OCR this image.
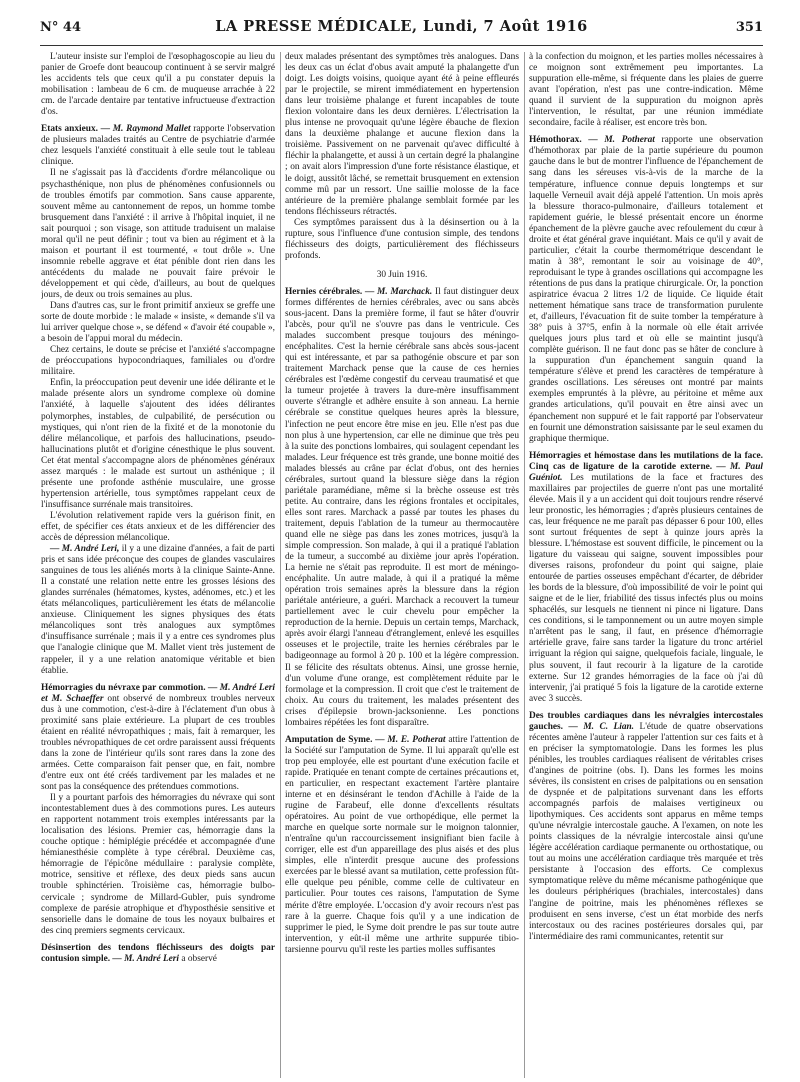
N° 44	LA PRESSE MÉDICALE, Lundi, 7 Août 1916	351

L'auteur insiste sur l'emploi de l'œsophagoscopie au lieu du panier de Groefe dont beaucoup continuent à se servir malgré les accidents tels que ceux qu'il a pu constater depuis la mobilisation : lambeau de 6 cm. de muqueuse arrachée à 22 cm. de l'arcade dentaire par tentative infructueuse d'extraction d'os.

Etats anxieux. — M. Raymond Mallet rapporte l'observation de plusieurs malades traités au Centre de psychiatrie d'armée chez lesquels l'anxiété constituait à elle seule tout le tableau clinique.

Il ne s'agissait pas là d'accidents d'ordre mélancolique ou psychasthénique, non plus de phénomènes confusionnels ou de troubles émotifs par commotion. Sans cause apparente, souvent même au cantonnement de repos, un homme tombe brusquement dans l'anxiété : il arrive à l'hôpital inquiet, il ne sait pourquoi ; son visage, son attitude traduisent un malaise moral qu'il ne peut définir ; tout va bien au régiment et à la maison et pourtant il est tourmenté, « tout drôle ». Une insomnie rebelle aggrave et état pénible dont rien dans les antécédents du malade ne pouvait faire prévoir le développement et qui cède, d'ailleurs, au bout de quelques jours, de deux ou trois semaines au plus.

Dans d'autres cas, sur le front primitif anxieux se greffe une sorte de doute morbide : le malade « insiste, « demande s'il va lui arriver quelque chose », se défend « d'avoir été coupable », a besoin de l'appui moral du médecin.

Chez certains, le doute se précise et l'anxiété s'accompagne de préoccupations hypocondriaques, familiales ou d'ordre militaire.

Enfin, la préoccupation peut devenir une idée délirante et le malade présente alors un syndrome complexe où domine l'anxiété, à laquelle s'ajoutent des idées délirantes polymorphes, instables, de culpabilité, de persécution ou mystiques, qui n'ont rien de la fixité et de la monotonie du délire mélancolique, et parfois des hallucinations, pseudo-hallucinations plutôt et d'origine cénesthique le plus souvent. Cet état mental s'accompagne alors de phénomènes généraux assez marqués : le malade est surtout un asthénique ; il présente une profonde asthénie musculaire, une grosse hypertension artérielle, tous symptômes rappelant ceux de l'insuffisance surrénale mais transitoires.

L'évolution relativement rapide vers la guérison finit, en effet, de spécifier ces états anxieux et de les différencier des accès de dépression mélancolique.

— M. André Leri, il y a une dizaine d'années, a fait de parti pris et sans idée préconçue des coupes de glandes vasculaires sanguines de tous les aliénés morts à la clinique Sainte-Anne. Il a constaté une relation nette entre les grosses lésions des glandes surrénales (hématomes, kystes, adénomes, etc.) et les états mélancoliques, particulièrement les états de mélancolie anxieuse. Cliniquement les signes physiques des états mélancoliques sont très analogues aux symptômes d'insuffisance surrénale ; mais il y a entre ces syndromes plus que l'analogie clinique que M. Mallet vient très justement de rappeler, il y a une relation anatomique véritable et bien établie.

Hémorragies du névraxe par commotion. — M. André Leri et M. Schaeffer ont observé de nombreux troubles nerveux dus à une commotion, c'est-à-dire à l'éclatement d'un obus à proximité sans plaie extérieure. La plupart de ces troubles étaient en réalité névropathiques ; mais, fait à remarquer, les troubles névropathiques de cet ordre paraissent aussi fréquents dans la zone de l'intérieur qu'ils sont rares dans la zone des armées. Cette comparaison fait penser que, en fait, nombre d'entre eux ont été créés tardivement par les malades et ne sont pas la conséquence des prétendues commotions.

Il y a pourtant parfois des hémorragies du névraxe qui sont incontestablement dues à des commotions pures. Les auteurs en rapportent notamment trois exemples intéressants par la localisation des lésions. Premier cas, hémorragie dans la couche optique : hémiplégie précédée et accompagnée d'une hémianesthésie complète à type cérébral. Deuxième cas, hémorragie de l'épicône médullaire : paralysie complète, motrice, sensitive et réflexe, des deux pieds sans aucun trouble sphinctérien. Troisième cas, hémorragie bulbo-cervicale ; syndrome de Millard-Gubler, puis syndrome complexe de parésie atrophique et d'hyposthésie sensitive et sensorielle dans le domaine de tous les noyaux bulbaires et des cinq premiers segments cervicaux.

Désinsertion des tendons fléchisseurs des doigts par contusion simple. — M. André Leri a observé

deux malades présentant des symptômes très analogues. Dans les deux cas un éclat d'obus avait amputé la phalangette d'un doigt. Les doigts voisins, quoique ayant été à peine effleurés par le projectile, se mirent immédiatement en hypertension dans leur troisième phalange et furent incapables de toute flexion volontaire dans les deux dernières. L'électrisation la plus intense ne provoquait qu'une légère ébauche de flexion dans la deuxième phalange et aucune flexion dans la troisième. Passivement on ne parvenait qu'avec difficulté à fléchir la phalangette, et aussi à un certain degré la phalangine ; on avait alors l'impression d'une forte résistance élastique, et le doigt, aussitôt lâché, se remettait brusquement en extension comme mû par un ressort. Une saillie molosse de la face antérieure de la première phalange semblait formée par les tendons fléchisseurs rétractés.

Ces symptômes paraissent dus à la désinsertion ou à la rupture, sous l'influence d'une contusion simple, des tendons fléchisseurs des doigts, particulièrement des fléchisseurs profonds.

30 Juin 1916.

Hernies cérébrales. — M. Marchack. Il faut distinguer deux formes différentes de hernies cérébrales, avec ou sans abcès sous-jacent. Dans la première forme, il faut se hâter d'ouvrir l'abcès, pour qu'il ne s'ouvre pas dans le ventricule. Ces malades succombent presque toujours des méningo-encéphalites. C'est la hernie cérébrale sans abcès sous-jacent qui est intéressante, et par sa pathogénie obscure et par son traitement Marchack pense que la cause de ces hernies cérébrales est l'œdème congestif du cerveau traumatisé et que la tumeur projetée à travers la dure-mère insuffisamment ouverte s'étrangle et adhère ensuite à son anneau. La hernie cérébrale se constitue quelques heures après la blessure, l'infection ne peut encore être mise en jeu. Elle n'est pas due non plus à une hypertension, car elle ne diminue que très peu à la suite des ponctions lombaires, qui soulagent cependant les malades. Leur fréquence est très grande, une bonne moitié des malades blessés au crâne par éclat d'obus, ont des hernies cérébrales, surtout quand la blessure siège dans la région pariétale paramédiane, même si la brèche osseuse est très petite. Au contraire, dans les régions frontales et occipitales, elles sont rares. Marchack a passé par toutes les phases du traitement, depuis l'ablation de la tumeur au thermocautère quand elle ne siège pas dans les zones motrices, jusqu'à la simple compression. Son malade, à qui il a pratiqué l'ablation de la tumeur, a succombé au dixième jour après l'opération. La hernie ne s'était pas reproduite. Il est mort de méningo-encéphalite. Un autre malade, à qui il a pratiqué la même opération trois semaines après la blessure dans la région pariétale antérieure, a guéri. Marchack a recouvert la tumeur partiellement avec le cuir chevelu pour empêcher la reproduction de la hernie. Depuis un certain temps, Marchack, après avoir élargi l'anneau d'étranglement, enlevé les esquilles osseuses et le projectile, traite les hernies cérébrales par le badigeonnage au formol à 20 p. 100 et la légère compression. Il se félicite des résultats obtenus. Ainsi, une grosse hernie, d'un volume d'une orange, est complètement réduite par le formolage et la compression. Il croit que c'est le traitement de choix. Au cours du traitement, les malades présentent des crises d'épilepsie brown-jacksonienne. Les ponctions lombaires répétées les font disparaître.

Amputation de Syme. — M. E. Potherat attire l'attention de la Société sur l'amputation de Syme. Il lui apparaît qu'elle est trop peu employée, elle est pourtant d'une exécution facile et rapide. Pratiquée en tenant compte de certaines précautions et, en particulier, en respectant exactement l'artère plantaire interne et en désinsérant le tendon d'Achille à l'aide de la rugine de Farabeuf, elle donne d'excellents résultats opératoires. Au point de vue orthopédique, elle permet la marche en quelque sorte normale sur le moignon talonnier, n'entraîne qu'un raccourcissement insignifiant bien facile à corriger, elle est d'un appareillage des plus aisés et des plus simples, elle n'interdit presque aucune des professions exercées par le blessé avant sa mutilation, cette profession fût-elle quelque peu pénible, comme celle de cultivateur en particulier. Pour toutes ces raisons, l'amputation de Syme mérite d'être employée. L'occasion d'y avoir recours n'est pas rare à la guerre. Chaque fois qu'il y a une indication de supprimer le pied, le Syme doit prendre le pas sur toute autre intervention, y eût-il même une arthrite suppurée tibio-tarsienne pourvu qu'il reste les parties molles suffisantes

à la confection du moignon, et les parties molles nécessaires à ce moignon sont extrêmement peu importantes. La suppuration elle-même, si fréquente dans les plaies de guerre avant l'opération, n'est pas une contre-indication. Même quand il survient de la suppuration du moignon après l'intervention, le résultat, par une réunion immédiate secondaire, facile à réaliser, est encore très bon.

Hémothorax. — M. Potherat rapporte une observation d'hémothorax par plaie de la partie supérieure du poumon gauche dans le but de montrer l'influence de l'épanchement de sang dans les séreuses vis-à-vis de la marche de la température, influence connue depuis longtemps et sur laquelle Verneuil avait déjà appelé l'attention. Un mois après la blessure thoraco-pulmonaire, d'ailleurs totalement et rapidement guérie, le blessé présentait encore un énorme épanchement de la plèvre gauche avec refoulement du cœur à droite et état général grave inquiétant. Mais ce qu'il y avait de particulier, c'était la courbe thermométrique descendant le matin à 38°, remontant le soir au voisinage de 40°, reproduisant le type à grandes oscillations qui accompagne les rétentions de pus dans la pratique chirurgicale. Or, la ponction aspiratrice évacua 2 litres 1/2 de liquide. Ce liquide était nettement hématique sans trace de transformation purulente et, d'ailleurs, l'évacuation fit de suite tomber la température à 38° puis à 37°5, enfin à la normale où elle était arrivée quelques jours plus tard et où elle se maintint jusqu'à complète guérison. Il ne faut donc pas se hâter de conclure à la suppuration d'un épanchement sanguin quand la température s'élève et prend les caractères de température à grandes oscillations. Les séreuses ont montré par maints exemples empruntés à la plèvre, au péritoine et même aux grandes articulations, qu'il pouvait en être ainsi avec un épanchement non suppuré et le fait rapporté par l'observateur en fournit une démonstration saisissante par le seul examen du graphique thermique.

Hémorragies et hémostase dans les mutilations de la face. Cinq cas de ligature de la carotide externe. — M. Paul Guéniot. Les mutilations de la face et fractures des maxillaires par projectiles de guerre n'ont pas une mortalité élevée. Mais il y a un accident qui doit toujours rendre réservé leur pronostic, les hémorragies ; d'après plusieurs centaines de cas, leur fréquence ne me paraît pas dépasser 6 pour 100, elles sont surtout fréquentes de sept à quinze jours après la blessure. L'hémostase est souvent difficile, le pincement ou la ligature du vaisseau qui saigne, souvent impossibles pour diverses raisons, profondeur du point qui saigne, plaie entourée de parties osseuses empêchant d'écarter, de débrider les bords de la blessure, d'où impossibilité de voir le point qui saigne et de le lier, friabilité des tissus infectés plus ou moins sphacélés, sur lesquels ne tiennent ni pince ni ligature. Dans ces conditions, si le tamponnement ou un autre moyen simple n'arrêtent pas le sang, il faut, en présence d'hémorragie artérielle grave, faire sans tarder la ligature du tronc artériel irriguant la région qui saigne, quelquefois faciale, linguale, le plus souvent, il faut recourir à la ligature de la carotide externe. Sur 12 grandes hémorragies de la face où j'ai dû intervenir, j'ai pratiqué 5 fois la ligature de la carotide externe avec 3 succès.

Des troubles cardiaques dans les névralgies intercostales gauches. — M. C. Lian. L'étude de quatre observations récentes amène l'auteur à rappeler l'attention sur ces faits et à en préciser la symptomatologie. Dans les formes les plus pénibles, les troubles cardiaques réalisent de véritables crises d'angines de poitrine (obs. I). Dans les formes les moins sévères, ils consistent en crises de palpitations ou en sensation de dyspnée et de palpitations survenant dans les efforts accompagnés parfois de malaises vertigineux ou lipothymiques. Ces accidents sont apparus en même temps qu'une névralgie intercostale gauche. A l'examen, on note les points classiques de la névralgie intercostale ainsi qu'une légère accélération cardiaque permanente ou orthostatique, ou tout au moins une accélération cardiaque très marquée et très persistante à l'occasion des efforts. Ce complexus symptomatique relève du même mécanisme pathogénique que les douleurs périphériques (brachiales, intercostales) dans l'angine de poitrine, mais les phénomènes réflexes se produisent en sens inverse, c'est un état morbide des nerfs intercostaux ou des racines postérieures dorsales qui, par l'intermédiaire des rami communicantes, retentit sur
